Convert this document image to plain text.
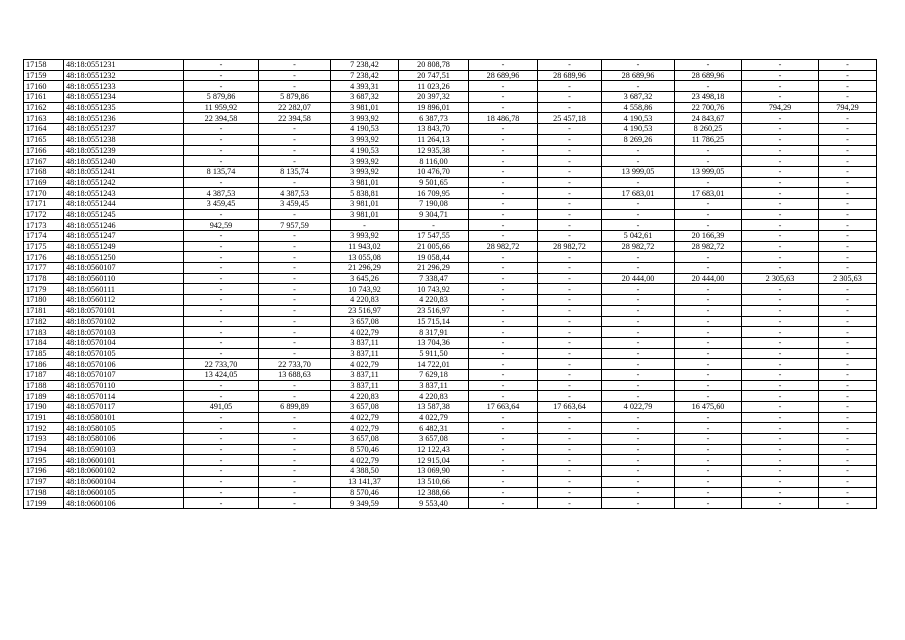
17158	48:18:0551231	-	-	7 238,42	20 808,78	-	-	-	-	-	-
17159	48:18:0551232	-	-	7 238,42	20 747,51	28 689,96	28 689,96	28 689,96	28 689,96	-	-
17160	48:18:0551233	-	-	4 393,31	11 023,26	-	-	-	-	-	-
17161	48:18:0551234	5 879,86	5 879,86	3 687,32	20 397,32	-	-	3 687,32	23 498,18	-	-
17162	48:18:0551235	11 959,92	22 282,07	3 981,01	19 896,01	-	-	4 558,86	22 700,76	794,29	794,29
17163	48:18:0551236	22 394,58	22 394,58	3 993,92	6 387,73	18 486,78	25 457,18	4 190,53	24 843,67	-	-
17164	48:18:0551237	-	-	4 190,53	13 843,70	-	-	4 190,53	8 260,25	-	-
17165	48:18:0551238	-	-	3 993,92	11 264,13	-	-	8 269,26	11 786,25	-	-
17166	48:18:0551239	-	-	4 190,53	12 935,38	-	-	-	-	-	-
17167	48:18:0551240	-	-	3 993,92	8 116,00	-	-	-	-	-	-
17168	48:18:0551241	8 135,74	8 135,74	3 993,92	10 476,70	-	-	13 999,05	13 999,05	-	-
17169	48:18:0551242	-	-	3 981,01	9 501,65	-	-	-	-	-	-
17170	48:18:0551243	4 387,53	4 387,53	5 838,81	16 709,95	-	-	17 683,01	17 683,01	-	-
17171	48:18:0551244	3 459,45	3 459,45	3 981,01	7 190,08	-	-	-	-	-	-
17172	48:18:0551245	-	-	3 981,01	9 304,71	-	-	-	-	-	-
17173	48:18:0551246	942,59	7 957,59	-	-	-	-	-	-	-	-
17174	48:18:0551247	-	-	3 993,92	17 547,55	-	-	5 042,61	20 166,39	-	-
17175	48:18:0551249	-	-	11 943,02	21 005,66	28 982,72	28 982,72	28 982,72	28 982,72	-	-
17176	48:18:0551250	-	-	13 055,08	19 058,44	-	-	-	-	-	-
17177	48:18:0560107	-	-	21 296,29	21 296,29	-	-	-	-	-	-
17178	48:18:0560110	-	-	3 645,26	7 338,47	-	-	20 444,00	20 444,00	2 305,63	2 305,63
17179	48:18:0560111	-	-	10 743,92	10 743,92	-	-	-	-	-	-
17180	48:18:0560112	-	-	4 220,83	4 220,83	-	-	-	-	-	-
17181	48:18:0570101	-	-	23 516,97	23 516,97	-	-	-	-	-	-
17182	48:18:0570102	-	-	3 657,08	15 715,14	-	-	-	-	-	-
17183	48:18:0570103	-	-	4 022,79	8 317,91	-	-	-	-	-	-
17184	48:18:0570104	-	-	3 837,11	13 704,36	-	-	-	-	-	-
17185	48:18:0570105	-	-	3 837,11	5 911,50	-	-	-	-	-	-
17186	48:18:0570106	22 733,70	22 733,70	4 022,79	14 722,01	-	-	-	-	-	-
17187	48:18:0570107	13 424,05	13 688,63	3 837,11	7 629,18	-	-	-	-	-	-
17188	48:18:0570110	-	-	3 837,11	3 837,11	-	-	-	-	-	-
17189	48:18:0570114	-	-	4 220,83	4 220,83	-	-	-	-	-	-
17190	48:18:0570117	491,05	6 899,89	3 657,08	13 587,38	17 663,64	17 663,64	4 022,79	16 475,60	-	-
17191	48:18:0580101	-	-	4 022,79	4 022,79	-	-	-	-	-	-
17192	48:18:0580105	-	-	4 022,79	6 482,31	-	-	-	-	-	-
17193	48:18:0580106	-	-	3 657,08	3 657,08	-	-	-	-	-	-
17194	48:18:0590103	-	-	8 570,46	12 122,43	-	-	-	-	-	-
17195	48:18:0600101	-	-	4 022,79	12 915,04	-	-	-	-	-	-
17196	48:18:0600102	-	-	4 388,50	13 069,90	-	-	-	-	-	-
17197	48:18:0600104	-	-	13 141,37	13 510,66	-	-	-	-	-	-
17198	48:18:0600105	-	-	8 570,46	12 388,66	-	-	-	-	-	-
17199	48:18:0600106	-	-	9 349,59	9 553,40	-	-	-	-	-	-
